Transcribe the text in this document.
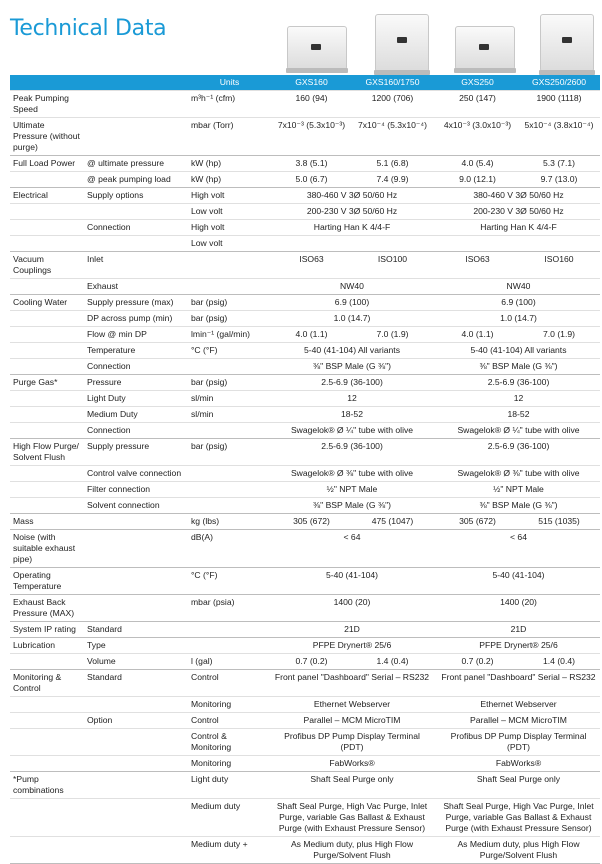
Technical Data
		Units	GXS160	GXS160/1750		GXS250	GXS250/2600
Peak Pumping Speed		m³h⁻¹ (cfm)	160 (94)	1200 (706)		250 (147)	1900 (1118)
Ultimate Pressure (without purge)		mbar (Torr)	7x10⁻³ (5.3x10⁻³)	7x10⁻⁴ (5.3x10⁻⁴)		4x10⁻³ (3.0x10⁻³)	5x10⁻⁴ (3.8x10⁻⁴)
Full Load Power	@ ultimate pressure	kW (hp)	3.8 (5.1)	5.1 (6.8)		4.0 (5.4)	5.3 (7.1)
	@ peak pumping load	kW (hp)	5.0 (6.7)	7.4 (9.9)		9.0 (12.1)	9.7 (13.0)
Electrical	Supply options	High volt	380-460 V 3Ø 50/60 Hz			380-460 V 3Ø 50/60 Hz	
		Low volt	200-230 V 3Ø 50/60 Hz			200-230 V 3Ø 50/60 Hz	
	Connection	High volt	Harting Han K 4/4-F			Harting Han K 4/4-F	
		Low volt					
Vacuum Couplings	Inlet		ISO63	ISO100		ISO63	ISO160
	Exhaust		NW40			NW40	
Cooling Water	Supply pressure (max)	bar (psig)	6.9 (100)			6.9 (100)	
	DP across pump (min)	bar (psig)	1.0 (14.7)			1.0 (14.7)	
	Flow @ min DP	lmin⁻¹ (gal/min)	4.0 (1.1)	7.0 (1.9)		4.0 (1.1)	7.0 (1.9)
	Temperature	°C (°F)	5-40 (41-104) All variants			5-40 (41-104) All variants	
	Connection		⅜" BSP Male (G ⅜")			⅜" BSP Male (G ⅜")	
Purge Gas*	Pressure	bar (psig)	2.5-6.9 (36-100)			2.5-6.9 (36-100)	
	Light Duty	sl/min	12			12	
	Medium Duty	sl/min	18-52			18-52	
	Connection		Swagelok® Ø ¼" tube with olive			Swagelok® Ø ¼" tube with olive	
High Flow Purge/ Solvent Flush	Supply pressure	bar (psig)	2.5-6.9 (36-100)			2.5-6.9 (36-100)	
	Control valve connection		Swagelok® Ø ⅜" tube with olive			Swagelok® Ø ⅜" tube with olive	
	Filter connection		½" NPT Male			½" NPT Male	
	Solvent connection		⅜" BSP Male (G ⅜")			⅜" BSP Male (G ⅜")	
Mass		kg (lbs)	305 (672)	475 (1047)		305 (672)	515 (1035)
Noise (with suitable exhaust pipe)		dB(A)	< 64			< 64	
Operating Temperature		°C (°F)	5-40 (41-104)			5-40 (41-104)	
Exhaust Back Pressure (MAX)		mbar (psia)	1400 (20)			1400 (20)	
System IP rating	Standard		21D			21D	
Lubrication	Type		PFPE Drynert® 25/6			PFPE Drynert® 25/6	
	Volume	l (gal)	0.7 (0.2)	1.4 (0.4)		0.7 (0.2)	1.4 (0.4)
Monitoring & Control	Standard	Control	Front panel "Dashboard" Serial – RS232			Front panel "Dashboard" Serial – RS232	
		Monitoring	Ethernet Webserver			Ethernet Webserver	
	Option	Control	Parallel – MCM MicroTIM			Parallel – MCM MicroTIM	
		Control & Monitoring	Profibus DP Pump Display Terminal (PDT)			Profibus DP Pump Display Terminal (PDT)	
		Monitoring	FabWorks®			FabWorks®	
*Pump combinations		Light duty	Shaft Seal Purge only			Shaft Seal Purge only	
		Medium duty	Shaft Seal Purge, High Vac Purge, Inlet Purge, variable Gas Ballast & Exhaust Purge (with Exhaust Pressure Sensor)			Shaft Seal Purge, High Vac Purge, Inlet Purge, variable Gas Ballast & Exhaust Purge (with Exhaust Pressure Sensor)	
		Medium duty +	As Medium duty, plus High Flow Purge/Solvent Flush			As Medium duty, plus High Flow Purge/Solvent Flush	
